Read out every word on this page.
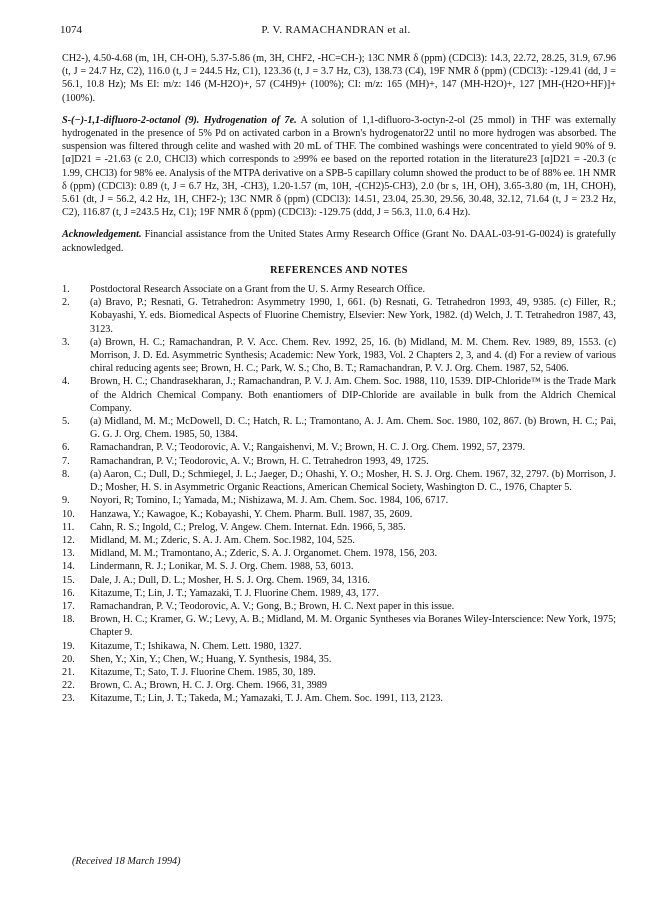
1074	P. V. RAMACHANDRAN et al.

CH2-), 4.50-4.68 (m, 1H, CH-OH), 5.37-5.86 (m, 3H, CHF2, -HC=CH-); 13C NMR δ (ppm) (CDCl3): 14.3, 22.72, 28.25, 31.9, 67.96 (t, J = 24.7 Hz, C2), 116.0 (t, J = 244.5 Hz, C1), 123.36 (t, J = 3.7 Hz, C3), 138.73 (C4), 19F NMR δ (ppm) (CDCl3): -129.41 (dd, J = 56.1, 10.8 Hz); Ms EI: m/z: 146 (M-H2O)+, 57 (C4H9)+ (100%); CI: m/z: 165 (MH)+, 147 (MH-H2O)+, 127 [MH-(H2O+HF)]+ (100%).

S-(−)-1,1-difluoro-2-octanol (9). Hydrogenation of 7e. A solution of 1,1-difluoro-3-octyn-2-ol (25 mmol) in THF was externally hydrogenated in the presence of 5% Pd on activated carbon in a Brown's hydrogenator22 until no more hydrogen was absorbed. The suspension was filtered through celite and washed with 20 mL of THF. The combined washings were concentrated to yield 90% of 9. [α]D21 = -21.63 (c 2.0, CHCl3) which corresponds to ≥99% ee based on the reported rotation in the literature23 [α]D21 = -20.3 (c 1.99, CHCl3) for 98% ee. Analysis of the MTPA derivative on a SPB-5 capillary column showed the product to be of 88% ee. 1H NMR δ (ppm) (CDCl3): 0.89 (t, J = 6.7 Hz, 3H, -CH3), 1.20-1.57 (m, 10H, -(CH2)5-CH3), 2.0 (br s, 1H, OH), 3.65-3.80 (m, 1H, CHOH), 5.61 (dt, J = 56.2, 4.2 Hz, 1H, CHF2-); 13C NMR δ (ppm) (CDCl3): 14.51, 23.04, 25.30, 29.56, 30.48, 32.12, 71.64 (t, J = 23.2 Hz, C2), 116.87 (t, J =243.5 Hz, C1); 19F NMR δ (ppm) (CDCl3): -129.75 (ddd, J = 56.3, 11.0, 6.4 Hz).

Acknowledgement. Financial assistance from the United States Army Research Office (Grant No. DAAL-03-91-G-0024) is gratefully acknowledged.

REFERENCES AND NOTES
1.	Postdoctoral Research Associate on a Grant from the U. S. Army Research Office.
2.	(a) Bravo, P.; Resnati, G. Tetrahedron: Asymmetry 1990, 1, 661. (b) Resnati, G. Tetrahedron 1993, 49, 9385. (c) Filler, R.; Kobayashi, Y. eds. Biomedical Aspects of Fluorine Chemistry, Elsevier: New York, 1982. (d) Welch, J. T. Tetrahedron 1987, 43, 3123.
3.	(a) Brown, H. C.; Ramachandran, P. V. Acc. Chem. Rev. 1992, 25, 16. (b) Midland, M. M. Chem. Rev. 1989, 89, 1553. (c) Morrison, J. D. Ed. Asymmetric Synthesis; Academic: New York, 1983, Vol. 2 Chapters 2, 3, and 4. (d) For a review of various chiral reducing agents see; Brown, H. C.; Park, W. S.; Cho, B. T.; Ramachandran, P. V. J. Org. Chem. 1987, 52, 5406.
4.	Brown, H. C.; Chandrasekharan, J.; Ramachandran, P. V. J. Am. Chem. Soc. 1988, 110, 1539. DIP-Chloride™ is the Trade Mark of the Aldrich Chemical Company. Both enantiomers of DIP-Chloride are available in bulk from the Aldrich Chemical Company.
5.	(a) Midland, M. M.; McDowell, D. C.; Hatch, R. L.; Tramontano, A. J. Am. Chem. Soc. 1980, 102, 867. (b) Brown, H. C.; Pai, G. G. J. Org. Chem. 1985, 50, 1384.
6.	Ramachandran, P. V.; Teodorovic, A. V.; Rangaishenvi, M. V.; Brown, H. C. J. Org. Chem. 1992, 57, 2379.
7.	Ramachandran, P. V.; Teodorovic, A. V.; Brown, H. C. Tetrahedron 1993, 49, 1725.
8.	(a) Aaron, C.; Dull, D.; Schmiegel, J. L.; Jaeger, D.; Ohashi, Y. O.; Mosher, H. S. J. Org. Chem. 1967, 32, 2797. (b) Morrison, J. D.; Mosher, H. S. in Asymmetric Organic Reactions, American Chemical Society, Washington D. C., 1976, Chapter 5.
9.	Noyori, R; Tomino, I.; Yamada, M.; Nishizawa, M. J. Am. Chem. Soc. 1984, 106, 6717.
10.	Hanzawa, Y.; Kawagoe, K.; Kobayashi, Y. Chem. Pharm. Bull. 1987, 35, 2609.
11.	Cahn, R. S.; Ingold, C.; Prelog, V. Angew. Chem. Internat. Edn. 1966, 5, 385.
12.	Midland, M. M.; Zderic, S. A. J. Am. Chem. Soc.1982, 104, 525.
13.	Midland, M. M.; Tramontano, A.; Zderic, S. A. J. Organomet. Chem. 1978, 156, 203.
14.	Lindermann, R. J.; Lonikar, M. S. J. Org. Chem. 1988, 53, 6013.
15.	Dale, J. A.; Dull, D. L.; Mosher, H. S. J. Org. Chem. 1969, 34, 1316.
16.	Kitazume, T.; Lin, J. T.; Yamazaki, T. J. Fluorine Chem. 1989, 43, 177.
17.	Ramachandran, P. V.; Teodorovic, A. V.; Gong, B.; Brown, H. C. Next paper in this issue.
18.	Brown, H. C.; Kramer, G. W.; Levy, A. B.; Midland, M. M. Organic Syntheses via Boranes Wiley-Interscience: New York, 1975; Chapter 9.
19.	Kitazume, T.; Ishikawa, N. Chem. Lett. 1980, 1327.
20.	Shen, Y.; Xin, Y.; Chen, W.; Huang, Y. Synthesis, 1984, 35.
21.	Kitazume, T.; Sato, T. J. Fluorine Chem. 1985, 30, 189.
22.	Brown, C. A.; Brown, H. C. J. Org. Chem. 1966, 31, 3989
23.	Kitazume, T.; Lin, J. T.; Takeda, M.; Yamazaki, T. J. Am. Chem. Soc. 1991, 113, 2123.
(Received 18 March 1994)
